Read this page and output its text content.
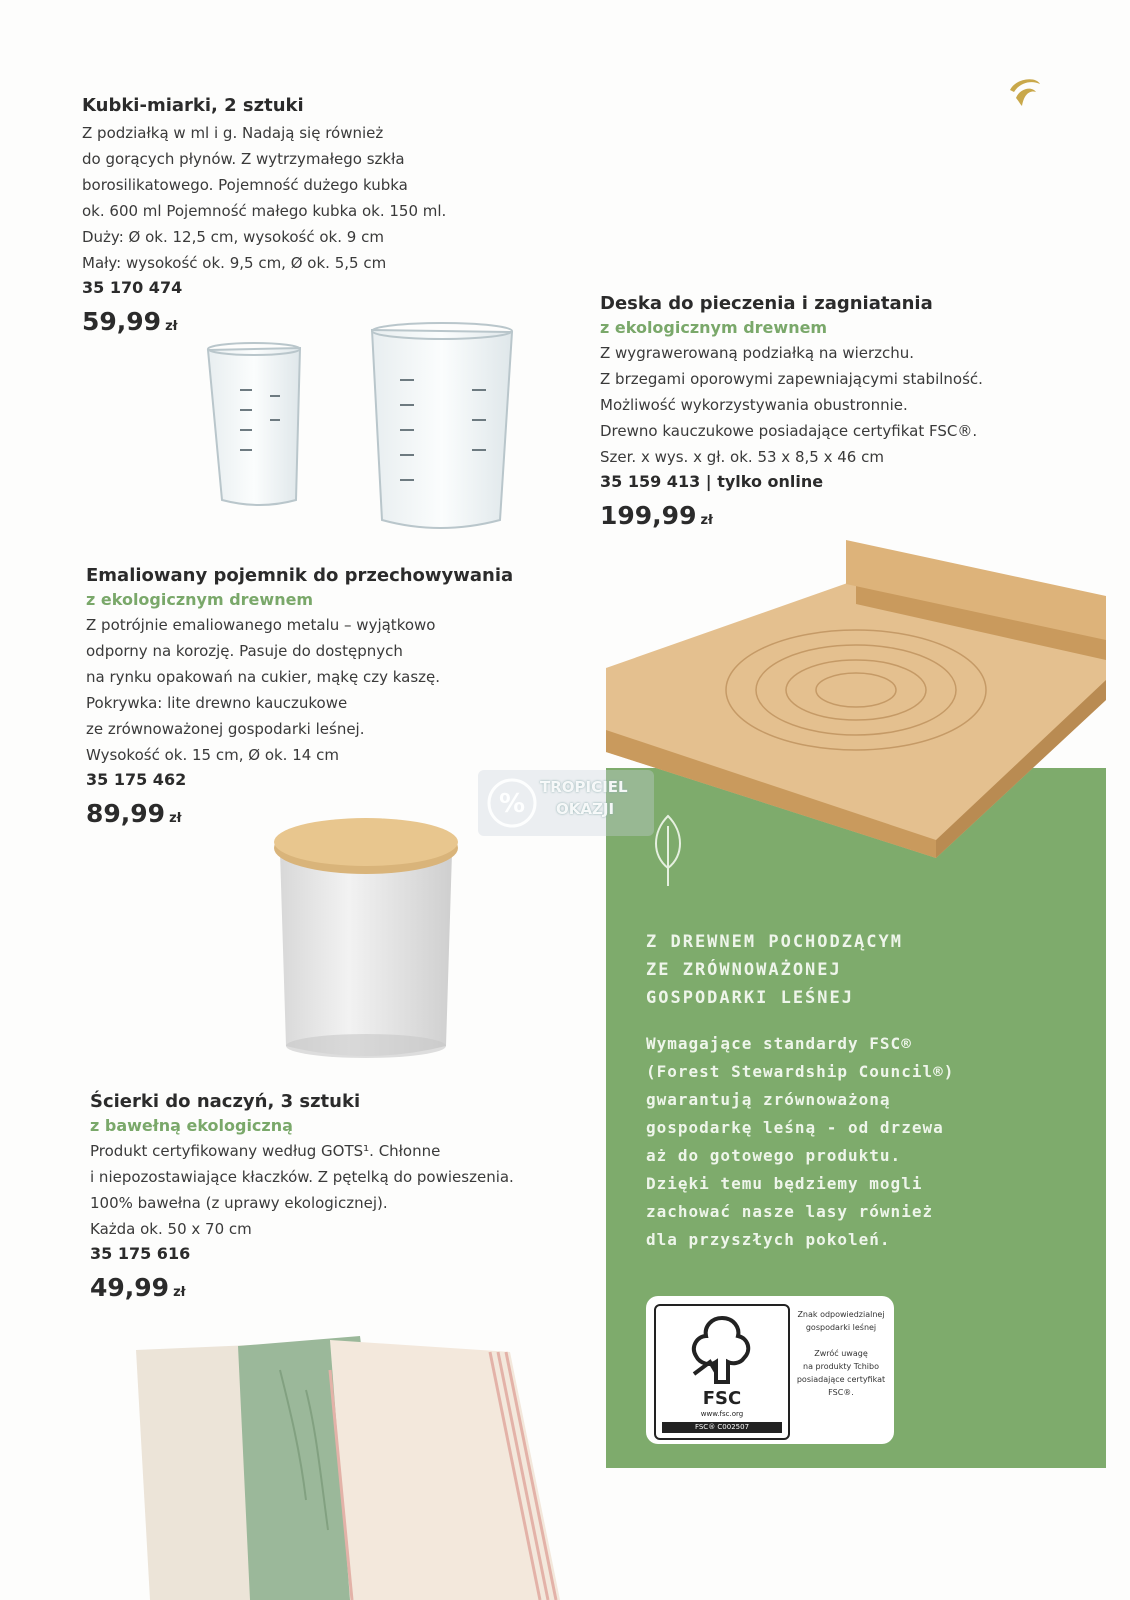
Kubki-miarki, 2 sztuki
Z podziałką w ml i g. Nadają się również
do gorących płynów. Z wytrzymałego szkła
borosilikatowego. Pojemność dużego kubka
ok. 600 ml Pojemność małego kubka ok. 150 ml.
Duży: Ø ok. 12,5 cm, wysokość ok. 9 cm
Mały: wysokość ok. 9,5 cm, Ø ok. 5,5 cm
35 170 474
59,99 zł
Deska do pieczenia i zagniatania
z ekologicznym drewnem
Z wygrawerowaną podziałką na wierzchu.
Z brzegami oporowymi zapewniającymi stabilność.
Możliwość wykorzystywania obustronnie.
Drewno kauczukowe posiadające certyfikat FSC®.
Szer. x wys. x gł. ok. 53 x 8,5 x 46 cm
35 159 413 | tylko online
199,99 zł
Z DREWNEM POCHODZĄCYM
ZE ZRÓWNOWAŻONEJ
GOSPODARKI LEŚNEJ
Wymagające standardy FSC®
(Forest Stewardship Council®)
gwarantują zrównoważoną
gospodarkę leśną - od drzewa
aż do gotowego produktu.
Dzięki temu będziemy mogli
zachować nasze lasy również
dla przyszłych pokoleń.
FSC
www.fsc.org
FSC® C002507
Znak odpowiedzialnej
gospodarki leśnej
Zwróć uwagę
na produkty Tchibo
posiadające certyfikat
FSC®.
Emaliowany pojemnik do przechowywania
z ekologicznym drewnem
Z potrójnie emaliowanego metalu – wyjątkowo
odporny na korozję. Pasuje do dostępnych
na rynku opakowań na cukier, mąkę czy kaszę.
Pokrywka: lite drewno kauczukowe
ze zrównoważonej gospodarki leśnej.
Wysokość ok. 15 cm, Ø ok. 14 cm
35 175 462
89,99 zł
Ścierki do naczyń, 3 sztuki
z bawełną ekologiczną
Produkt certyfikowany według GOTS¹. Chłonne
i niepozostawiające kłaczków. Z pętelką do powieszenia.
100% bawełna (z uprawy ekologicznej).
Każda ok. 50 x 70 cm
35 175 616
49,99 zł
%
TROPICIEL
OKAZJI
